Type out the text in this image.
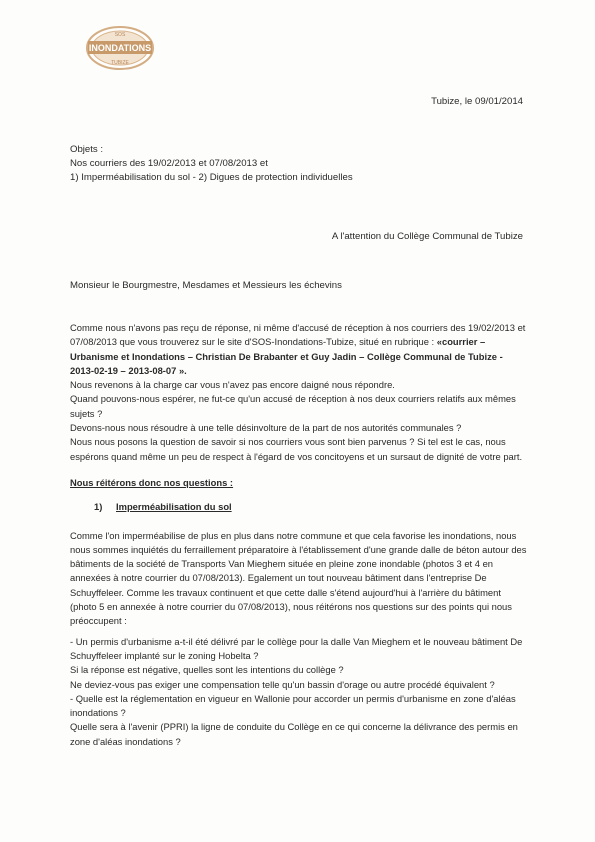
INONDATIONS
SOS
TUBIZE
Tubize, le 09/01/2014
Objets :
Nos courriers des 19/02/2013 et 07/08/2013 et
1) Imperméabilisation du sol - 2) Digues de protection individuelles
A l'attention du Collège Communal de Tubize
Monsieur le Bourgmestre, Mesdames et Messieurs les échevins

Comme nous n'avons pas reçu de réponse, ni même d'accusé de réception à nos courriers des 19/02/2013 et 07/08/2013 que vous trouverez sur le site d'SOS-Inondations-Tubize, situé en rubrique : «courrier – Urbanisme et Inondations – Christian De Brabanter et Guy Jadin – Collège Communal de Tubize - 2013-02-19 – 2013-08-07 ».

Nous revenons à la charge car vous n'avez pas encore daigné nous répondre.

Quand pouvons-nous espérer, ne fut-ce qu'un accusé de réception à nos deux courriers relatifs aux mêmes sujets ?

Devons-nous nous résoudre à une telle désinvolture de la part de nos autorités communales ?

Nous nous posons la question de savoir si nos courriers vous sont bien parvenus ? Si tel est le cas, nous espérons quand même un peu de respect à l'égard de vos concitoyens et un sursaut de dignité de votre part.

Nous réitérons donc nos questions :

1) Imperméabilisation du sol

Comme l'on imperméabilise de plus en plus dans notre commune et que cela favorise les inondations, nous nous sommes inquiétés du ferraillement préparatoire à l'établissement d'une grande dalle de béton autour des bâtiments de la société de Transports Van Mieghem située en pleine zone inondable (photos 3 et 4 en annexées à notre courrier du 07/08/2013). Egalement un tout nouveau bâtiment dans l'entreprise De Schuyffeleer. Comme les travaux continuent et que cette dalle s'étend aujourd'hui à l'arrière du bâtiment (photo 5 en annexée à notre courrier du 07/08/2013), nous réitérons nos questions sur des points qui nous préoccupent :

- Un permis d'urbanisme a-t-il été délivré par le collège pour la dalle Van Mieghem et le nouveau bâtiment De Schuyffeleer implanté sur le zoning Hobelta ?

Si la réponse est négative, quelles sont les intentions du collège ?

Ne deviez-vous pas exiger une compensation telle qu'un bassin d'orage ou autre procédé équivalent ?

- Quelle est la réglementation en vigueur en Wallonie pour accorder un permis d'urbanisme en zone d'aléas inondations ?

Quelle sera à l'avenir (PPRI) la ligne de conduite du Collège en ce qui concerne la délivrance des permis en zone d'aléas inondations ?
